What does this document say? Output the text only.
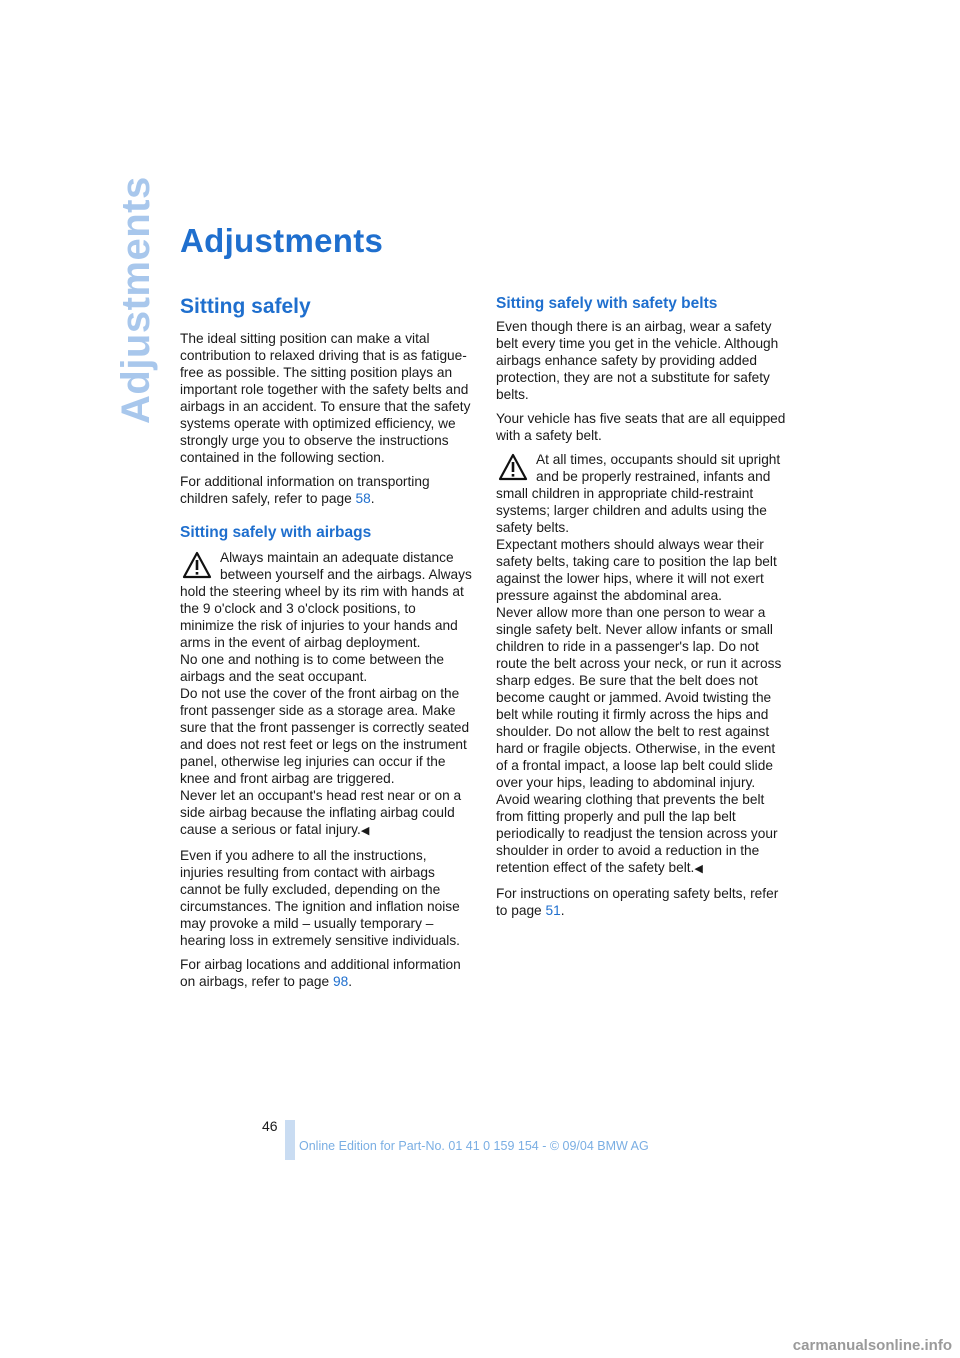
Adjustments Adjustments
Sitting safely

The ideal sitting position can make a vital contribution to relaxed driving that is as fatigue-free as possible. The sitting position plays an important role together with the safety belts and airbags in an accident. To ensure that the safety systems operate with optimized efficiency, we strongly urge you to observe the instructions contained in the following section.

For additional information on transporting children safely, refer to page 58.

Sitting safely with airbags

Always maintain an adequate distance between yourself and the airbags. Always hold the steering wheel by its rim with hands at the 9 o'clock and 3 o'clock positions, to minimize the risk of injuries to your hands and arms in the event of airbag deployment.
No one and nothing is to come between the airbags and the seat occupant.
Do not use the cover of the front airbag on the front passenger side as a storage area. Make sure that the front passenger is correctly seated and does not rest feet or legs on the instrument panel, otherwise leg injuries can occur if the knee and front airbag are triggered.
Never let an occupant's head rest near or on a side airbag because the inflating airbag could cause a serious or fatal injury.◀

Even if you adhere to all the instructions, injuries resulting from contact with airbags cannot be fully excluded, depending on the circumstances. The ignition and inflation noise may provoke a mild – usually temporary – hearing loss in extremely sensitive individuals.

For airbag locations and additional information on airbags, refer to page 98.

Sitting safely with safety belts

Even though there is an airbag, wear a safety belt every time you get in the vehicle. Although airbags enhance safety by providing added protection, they are not a substitute for safety belts.

Your vehicle has five seats that are all equipped with a safety belt.

At all times, occupants should sit upright and be properly restrained, infants and small children in appropriate child-restraint systems; larger children and adults using the safety belts.
Expectant mothers should always wear their safety belts, taking care to position the lap belt against the lower hips, where it will not exert pressure against the abdominal area.
Never allow more than one person to wear a single safety belt. Never allow infants or small children to ride in a passenger's lap. Do not route the belt across your neck, or run it across sharp edges. Be sure that the belt does not become caught or jammed. Avoid twisting the belt while routing it firmly across the hips and shoulder. Do not allow the belt to rest against hard or fragile objects. Otherwise, in the event of a frontal impact, a loose lap belt could slide over your hips, leading to abdominal injury. Avoid wearing clothing that prevents the belt from fitting properly and pull the lap belt periodically to readjust the tension across your shoulder in order to avoid a reduction in the retention effect of the safety belt.◀

For instructions on operating safety belts, refer to page 51.

46
Online Edition for Part-No. 01 41 0 159 154 - © 09/04 BMW AG
carmanualsonline.info
